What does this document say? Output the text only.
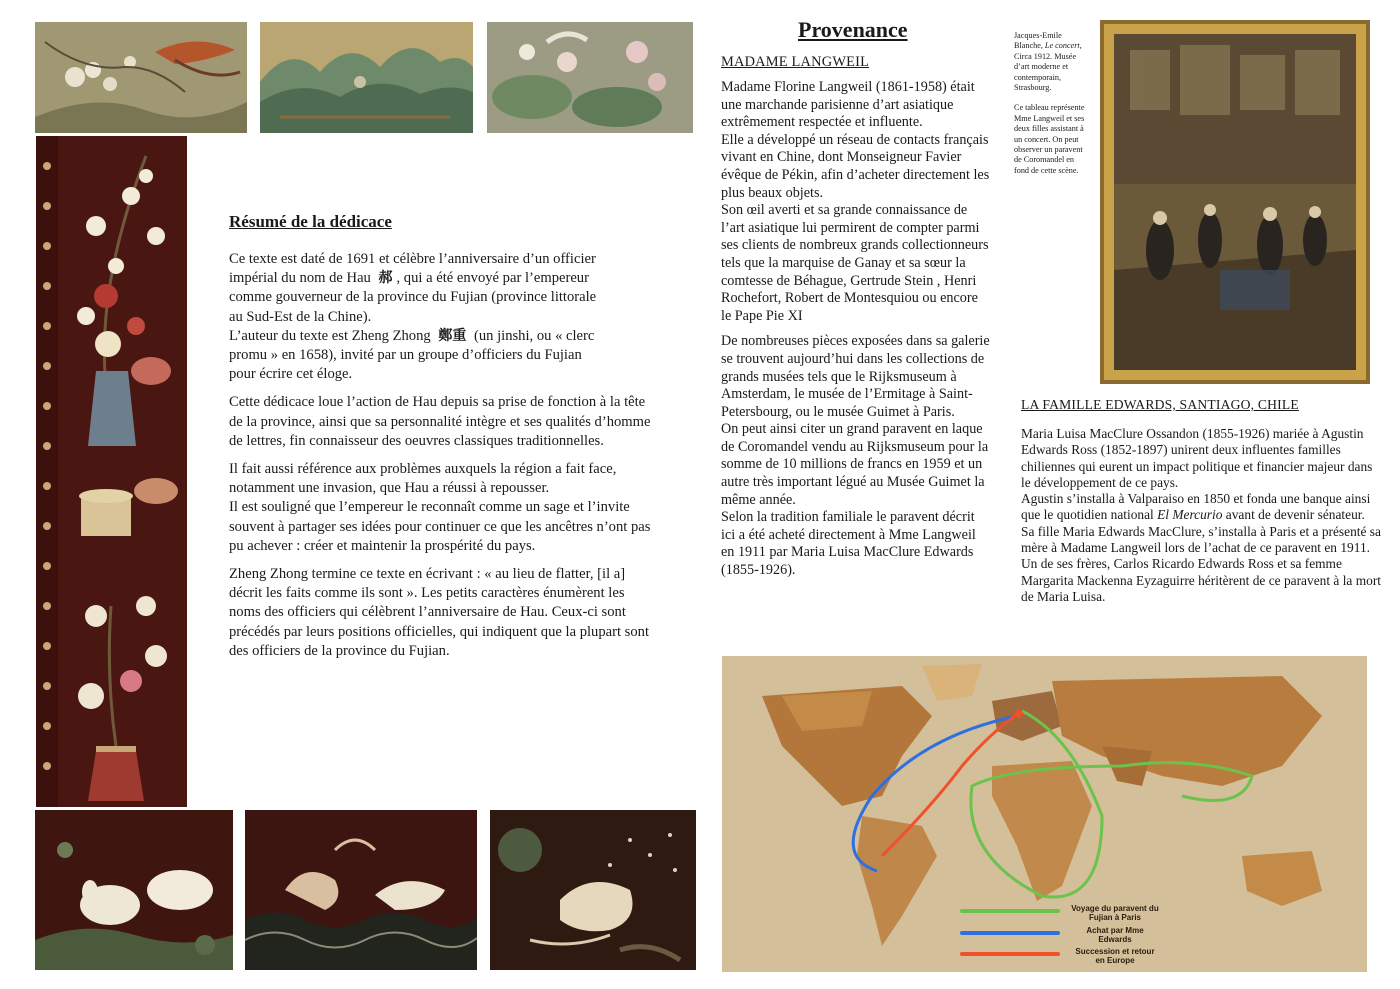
Résumé de la dédicace

Ce texte est daté de 1691 et célèbre l’anniversaire d’un officier
impérial du nom de Hau 郝 , qui a été envoyé par l’empereur
comme gouverneur de la province du Fujian (province littorale
au Sud-Est de la Chine).
L’auteur du texte est Zheng Zhong 鄭重 (un jinshi, ou « clerc
promu » en 1658), invité par un groupe d’officiers du Fujian
pour écrire cet éloge.

Cette dédicace loue l’action de Hau depuis sa prise de fonction à la tête de la province, ainsi que sa personnalité intègre et ses qualités d’homme de lettres, fin connaisseur des oeuvres classiques traditionnelles.

Il fait aussi référence aux problèmes auxquels la région a fait face, notamment une invasion, que Hau a réussi à repousser.

Il est souligné que l’empereur le reconnaît comme un sage et l’invite souvent à partager ses idées pour continuer ce que les ancêtres n’ont pas pu achever : créer et maintenir la prospérité du pays.

Zheng Zhong termine ce texte en écrivant : « au lieu de flatter, [il a] décrit les faits comme ils sont ». Les petits caractères énumèrent les noms des officiers qui célèbrent l’anniversaire de Hau. Ceux-ci sont précédés par leurs positions officielles, qui indiquent que la plupart sont des officiers de la province du Fujian.

Provenance
MADAME LANGWEIL

Madame Florine Langweil (1861-1958) était une marchande parisienne d’art asiatique extrêmement respectée et influente.

Elle a développé un réseau de contacts français vivant en Chine, dont Monseigneur Favier évêque de Pékin, afin d’acheter directement les plus beaux objets.

Son œil averti et sa grande connaissance de l’art asiatique lui permirent de compter parmi ses clients de nombreux grands collectionneurs tels que la marquise de Ganay et sa sœur la comtesse de Béhague, Gertrude Stein , Henri Rochefort, Robert de Montesquiou ou encore le Pape Pie XI

De nombreuses pièces exposées dans sa galerie se trouvent aujourd’hui dans les collections de grands musées tels que le Rijksmuseum à Amsterdam, le musée de l’Ermitage à Saint-Petersbourg, ou le musée Guimet à Paris.

On peut ainsi citer un grand paravent en laque de Coromandel vendu au Rijksmuseum pour la somme de 10 millions de francs en 1959 et un autre très important légué au Musée Guimet la même année.

Selon la tradition familiale le paravent décrit ici a été acheté directement à Mme Langweil en 1911 par Maria Luisa MacClure Edwards (1855-1926).

Jacques-Emile Blanche, Le concert, Circa 1912. Musée d’art moderne et contemporain, Strasbourg.

Ce tableau représente Mme Langweil et ses deux filles assistant à un concert. On peut observer un paravent de Coromandel en fond de cette scène.

LA FAMILLE EDWARDS, SANTIAGO, CHILE

Maria Luisa MacClure Ossandon (1855-1926) mariée à Agustin Edwards Ross (1852-1897) unirent deux influentes familles chiliennes qui eurent un impact politique et financier majeur dans le développement de ce pays.

Agustin s’installa à Valparaiso en 1850 et fonda une banque ainsi que le quotidien national El Mercurio avant de devenir sénateur.

Sa fille Maria Edwards MacClure, s’installa à Paris et a présenté sa mère à Madame Langweil lors de l’achat de ce paravent en 1911.

Un de ses frères, Carlos Ricardo Edwards Ross et sa femme Margarita Mackenna Eyzaguirre héritèrent de ce paravent à la mort de Maria Luisa.

Voyage du paravent du Fujian à Paris
Achat par Mme Edwards
Succession et retour en Europe
